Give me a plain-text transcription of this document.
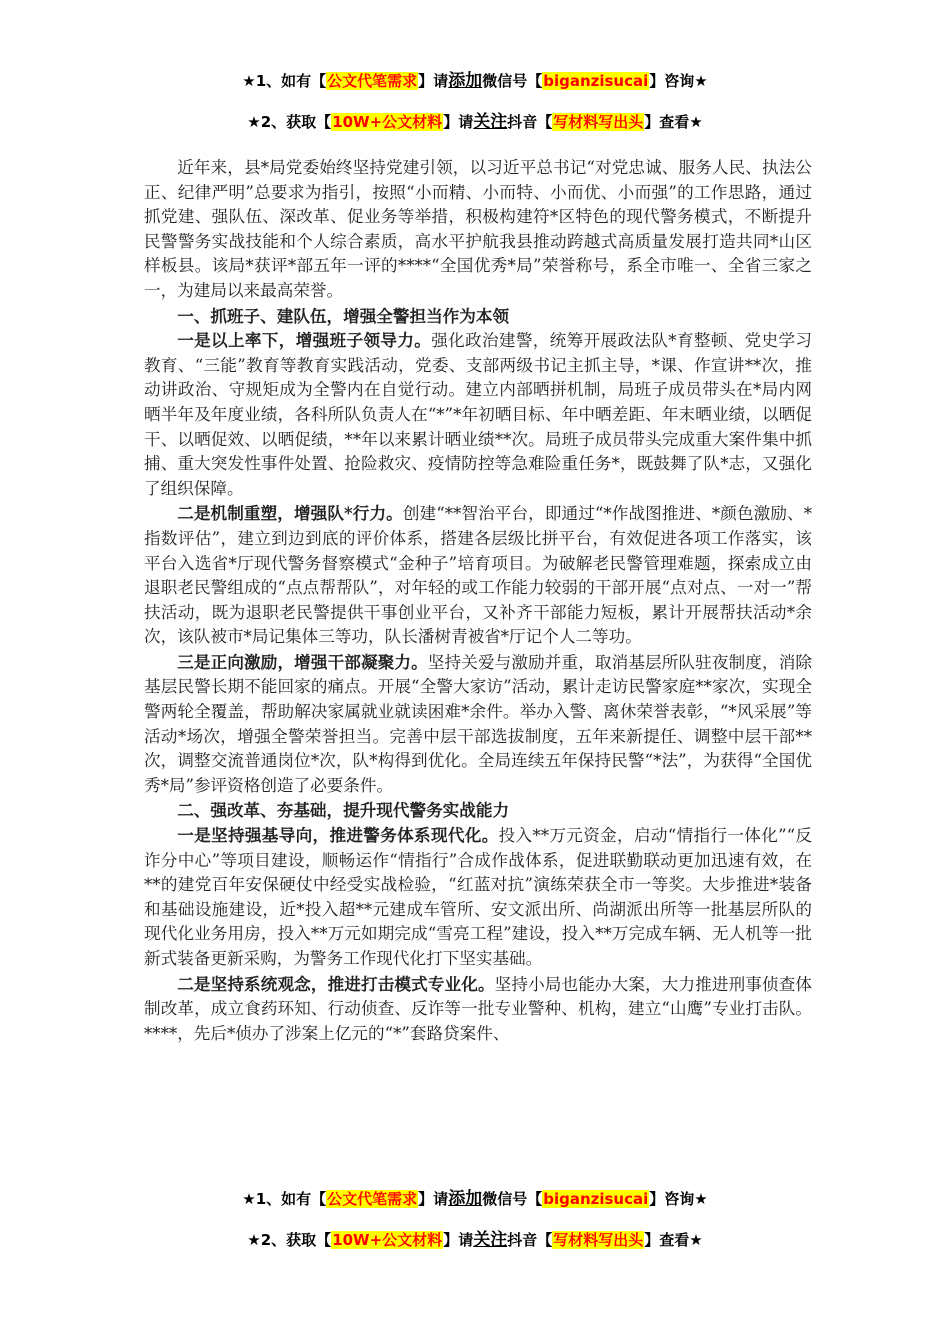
★1、如有【公文代笔需求】请添加微信号【biganzisucai】咨询★
★2、获取【10W+公文材料】请关注抖音【写材料写出头】查看★

近年来，县*局党委始终坚持党建引领，以习近平总书记“对党忠诚、服务人民、执法公正、纪律严明”总要求为指引，按照“小而精、小而特、小而优、小而强”的工作思路，通过抓党建、强队伍、深改革、促业务等举措，积极构建符*区特色的现代警务模式，不断提升民警警务实战技能和个人综合素质，高水平护航我县推动跨越式高质量发展打造共同*山区样板县。该局*获评*部五年一评的****“全国优秀*局”荣誉称号，系全市唯一、全省三家之一，为建局以来最高荣誉。

一、抓班子、建队伍，增强全警担当作为本领

一是以上率下，增强班子领导力。强化政治建警，统筹开展政法队*育整顿、党史学习教育、“三能”教育等教育实践活动，党委、支部两级书记主抓主导，*课、作宣讲**次，推动讲政治、守规矩成为全警内在自觉行动。建立内部晒拼机制，局班子成员带头在*局内网晒半年及年度业绩，各科所队负责人在“*”*年初晒目标、年中晒差距、年末晒业绩，以晒促干、以晒促效、以晒促绩，**年以来累计晒业绩**次。局班子成员带头完成重大案件集中抓捕、重大突发性事件处置、抢险救灾、疫情防控等急难险重任务*，既鼓舞了队*志，又强化了组织保障。

二是机制重塑，增强队*行力。创建“**智治平台，即通过“*作战图推进、*颜色激励、*指数评估”，建立到边到底的评价体系，搭建各层级比拼平台，有效促进各项工作落实，该平台入选省*厅现代警务督察模式“金种子”培育项目。为破解老民警管理难题，探索成立由退职老民警组成的“点点帮帮队”，对年轻的或工作能力较弱的干部开展“点对点、一对一”帮扶活动，既为退职老民警提供干事创业平台，又补齐干部能力短板，累计开展帮扶活动*余次，该队被市*局记集体三等功，队长潘树青被省*厅记个人二等功。

三是正向激励，增强干部凝聚力。坚持关爱与激励并重，取消基层所队驻夜制度，消除基层民警长期不能回家的痛点。开展“全警大家访”活动，累计走访民警家庭**家次，实现全警两轮全覆盖，帮助解决家属就业就读困难*余件。举办入警、离休荣誉表彰，“*风采展”等活动*场次，增强全警荣誉担当。完善中层干部选拔制度，五年来新提任、调整中层干部**次，调整交流普通岗位*次，队*构得到优化。全局连续五年保持民警“*法”，为获得“全国优秀*局”参评资格创造了必要条件。

二、强改革、夯基础，提升现代警务实战能力

一是坚持强基导向，推进警务体系现代化。投入**万元资金，启动“情指行一体化”“反诈分中心”等项目建设，顺畅运作“情指行”合成作战体系，促进联勤联动更加迅速有效，在**的建党百年安保硬仗中经受实战检验，“红蓝对抗”演练荣获全市一等奖。大步推进*装备和基础设施建设，近*投入超**元建成车管所、安文派出所、尚湖派出所等一批基层所队的现代化业务用房，投入**万元如期完成“雪亮工程”建设，投入**万完成车辆、无人机等一批新式装备更新采购，为警务工作现代化打下坚实基础。

二是坚持系统观念，推进打击模式专业化。坚持小局也能办大案，大力推进刑事侦查体制改革，成立食药环知、行动侦查、反诈等一批专业警种、机构，建立“山鹰”专业打击队。****，先后*侦办了涉案上亿元的“*”套路贷案件、

★1、如有【公文代笔需求】请添加微信号【biganzisucai】咨询★
★2、获取【10W+公文材料】请关注抖音【写材料写出头】查看★
